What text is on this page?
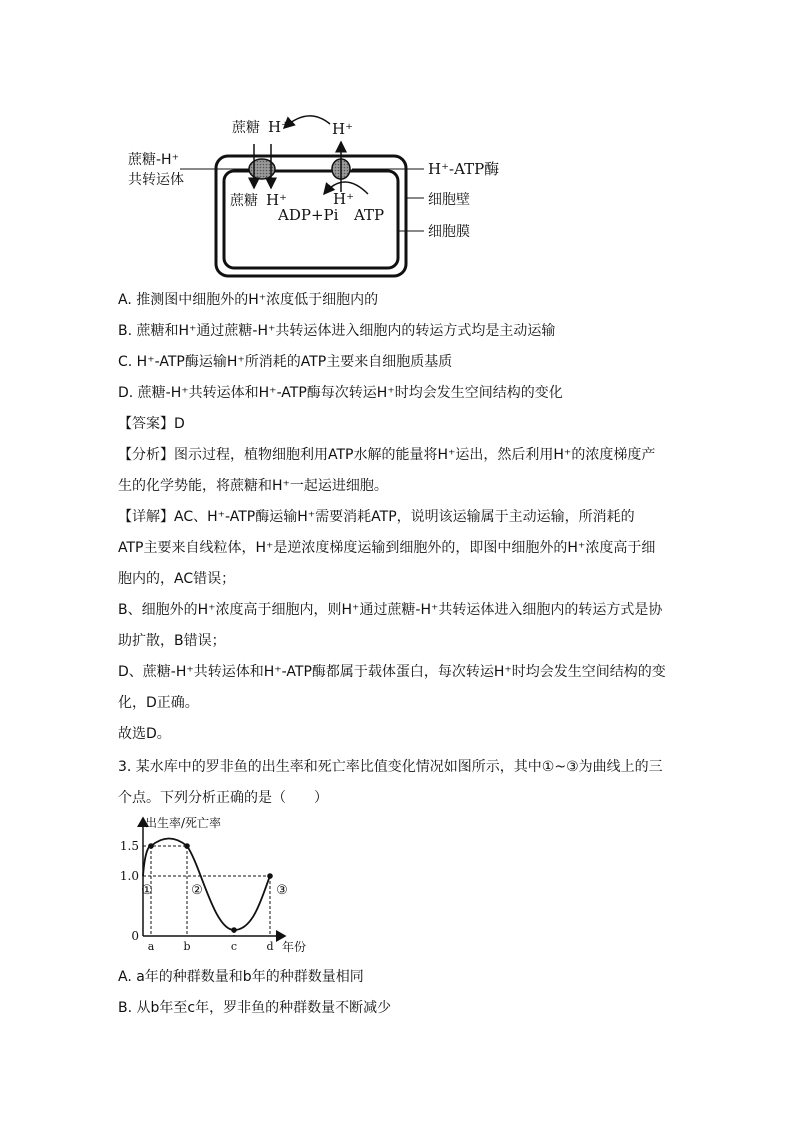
蔗糖 H⁺	H⁺
蔗糖-H⁺
共转运体
H⁺-ATP酶
细胞壁
细胞膜
蔗糖 H⁺	H⁺
ADP+Pi ATP
A. 推测图中细胞外的H⁺浓度低于细胞内的
B. 蔗糖和H⁺通过蔗糖-H⁺共转运体进入细胞内的转运方式均是主动运输
C. H⁺-ATP酶运输H⁺所消耗的ATP主要来自细胞质基质
D. 蔗糖-H⁺共转运体和H⁺-ATP酶每次转运H⁺时均会发生空间结构的变化
【答案】D
【分析】图示过程，植物细胞利用ATP水解的能量将H⁺运出，然后利用H⁺的浓度梯度产
生的化学势能，将蔗糖和H⁺一起运进细胞。
【详解】AC、H⁺-ATP酶运输H⁺需要消耗ATP，说明该运输属于主动运输，所消耗的
ATP主要来自线粒体，H⁺是逆浓度梯度运输到细胞外的，即图中细胞外的H⁺浓度高于细
胞内的，AC错误；
B、细胞外的H⁺浓度高于细胞内，则H⁺通过蔗糖-H⁺共转运体进入细胞内的转运方式是协
助扩散，B错误；
D、蔗糖-H⁺共转运体和H⁺-ATP酶都属于载体蛋白，每次转运H⁺时均会发生空间结构的变
化，D正确。
故选D。
3. 某水库中的罗非鱼的出生率和死亡率比值变化情况如图所示，其中①~③为曲线上的三
个点。下列分析正确的是（　　）
出生率/死亡率
年份
0
1.0
1.5
a	b	c	d
①	②	③
A. a年的种群数量和b年的种群数量相同
B. 从b年至c年，罗非鱼的种群数量不断减少
